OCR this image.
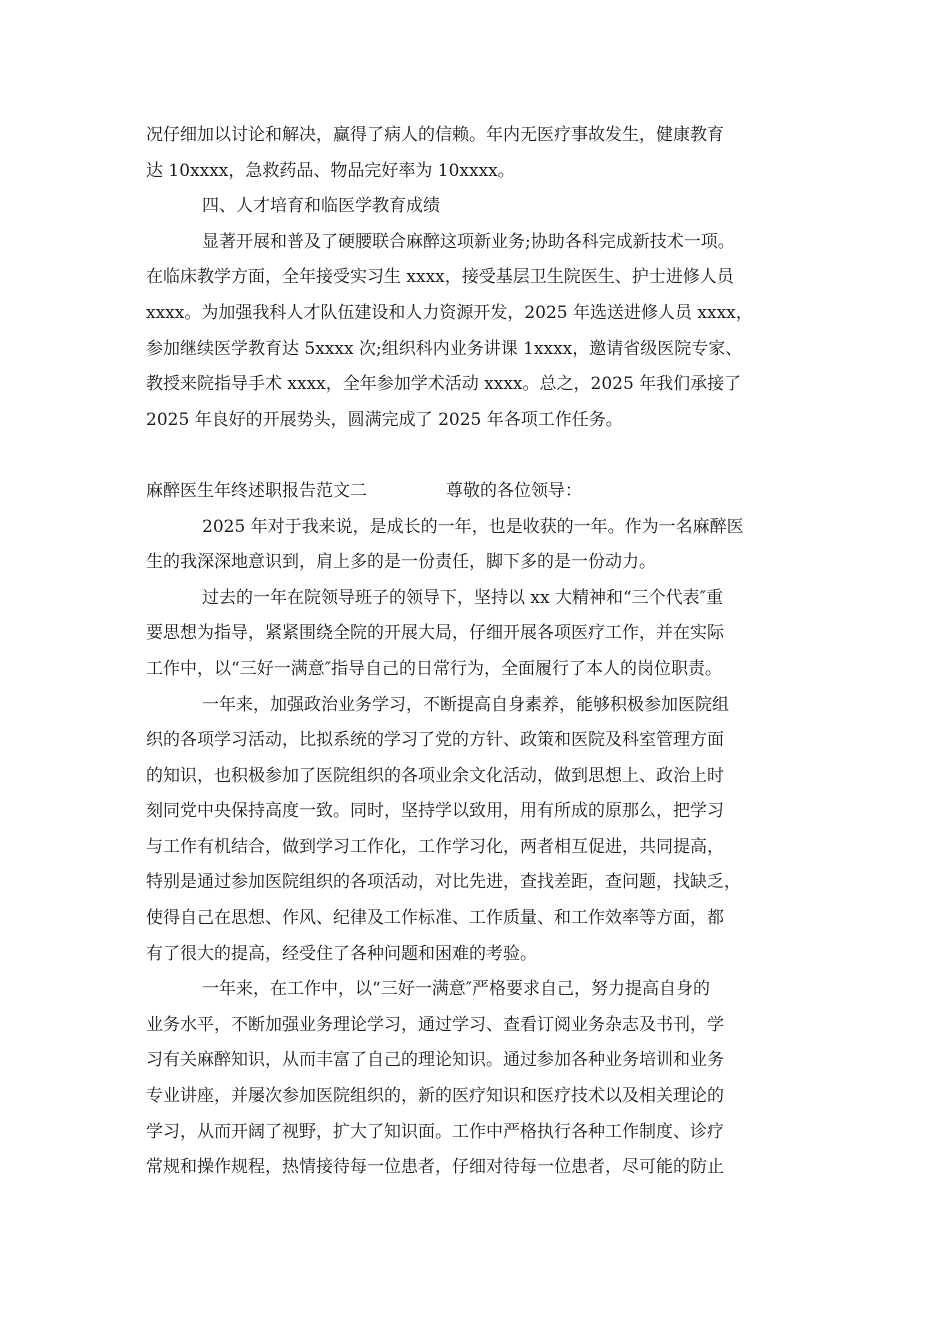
况仔细加以讨论和解决，赢得了病人的信赖。年内无医疗事故发生，健康教育
达 10xxxx，急救药品、物品完好率为 10xxxx。
四、人才培育和临医学教育成绩
显著开展和普及了硬腰联合麻醉这项新业务;协助各科完成新技术一项。
在临床教学方面，全年接受实习生 xxxx，接受基层卫生院医生、护士进修人员
xxxx。为加强我科人才队伍建设和人力资源开发，2025 年选送进修人员 xxxx，
参加继续医学教育达 5xxxx 次;组织科内业务讲课 1xxxx，邀请省级医院专家、
教授来院指导手术 xxxx，全年参加学术活动 xxxx。总之，2025 年我们承接了
2025 年良好的开展势头，圆满完成了 2025 年各项工作任务。
麻醉医生年终述职报告范文二	尊敬的各位领导：
2025 年对于我来说，是成长的一年，也是收获的一年。作为一名麻醉医
生的我深深地意识到，肩上多的是一份责任，脚下多的是一份动力。
过去的一年在院领导班子的领导下，坚持以 xx 大精神和“三个代表″重
要思想为指导，紧紧围绕全院的开展大局，仔细开展各项医疗工作，并在实际
工作中，以“三好一满意″指导自己的日常行为，全面履行了本人的岗位职责。
一年来，加强政治业务学习，不断提高自身素养，能够积极参加医院组
织的各项学习活动，比拟系统的学习了党的方针、政策和医院及科室管理方面
的知识，也积极参加了医院组织的各项业余文化活动，做到思想上、政治上时
刻同党中央保持高度一致。同时，坚持学以致用，用有所成的原那么，把学习
与工作有机结合，做到学习工作化，工作学习化，两者相互促进，共同提高，
特别是通过参加医院组织的各项活动，对比先进，查找差距，查问题，找缺乏，
使得自己在思想、作风、纪律及工作标准、工作质量、和工作效率等方面，都
有了很大的提高，经受住了各种问题和困难的考验。
一年来，在工作中，以“三好一满意″严格要求自己，努力提高自身的
业务水平，不断加强业务理论学习，通过学习、查看订阅业务杂志及书刊，学
习有关麻醉知识，从而丰富了自己的理论知识。通过参加各种业务培训和业务
专业讲座，并屡次参加医院组织的，新的医疗知识和医疗技术以及相关理论的
学习，从而开阔了视野，扩大了知识面。工作中严格执行各种工作制度、诊疗
常规和操作规程，热情接待每一位患者，仔细对待每一位患者，尽可能的防止
